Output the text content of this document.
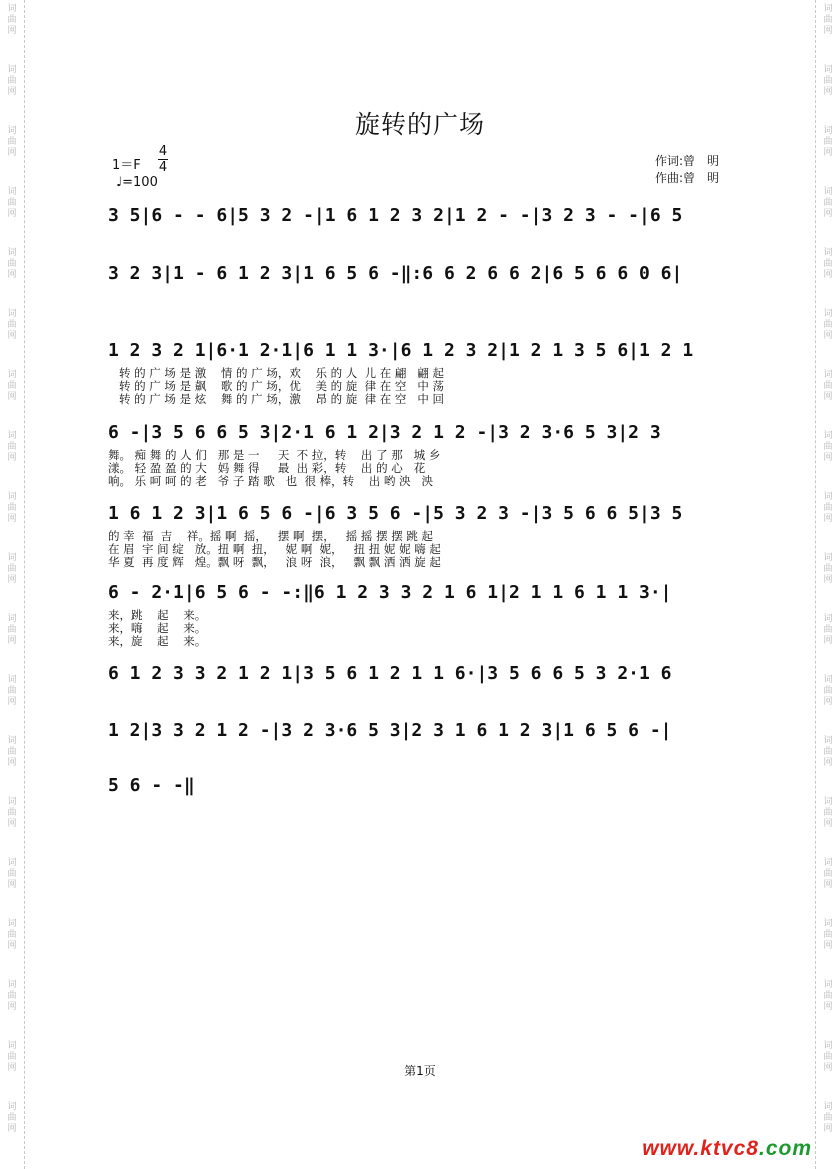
旋转的广场
1＝F
4
4
♩=100
作词:曾　明
作曲:曾　明
3 5|6 - - 6|5 3 2 -|1 6 1 2 3 2|1 2 - -|3 2 3 - -|6 5
3 2 3|1 - 6 1 2 3|1 6 5 6 -‖:6 6 2 6 6 2|6 5 6 6 0 6|
1 2 3 2 1|6·1 2·1|6 1 1 3·|6 1 2 3 2|1 2 1 3 5 6|1 2 1
转 的 广 场 是 激    情 的 广 场，欢    乐 的 人  儿 在 翩   翩 起
转 的 广 场 是 飙    歌 的 广 场，优    美 的 旋  律 在 空   中 荡
转 的 广 场 是 炫    舞 的 广 场，激    昂 的 旋  律 在 空   中 回
6 -|3 5 6 6 5 3|2·1 6 1 2|3 2 1 2 -|3 2 3·6 5 3|2 3
舞。 痴 舞 的 人 们   那 是 一     天  不 拉，转    出 了 那   城 乡
漾。 轻 盈 盈 的 大   妈 舞 得     最  出 彩，转    出 的 心   花
响。 乐 呵 呵 的 老   爷 子 踏 歌   也  很 棒，转    出 哟 泱   泱
1 6 1 2 3|1 6 5 6 -|6 3 5 6 -|5 3 2 3 -|3 5 6 6 5|3 5
的 幸  福  吉    祥。摇 啊  摇，   摆 啊  摆，   摇 摇 摆 摆 跳 起
在 眉  宇 间 绽   放。扭 啊  扭，   妮 啊  妮，   扭 扭 妮 妮 嗨 起
华 夏  再 度 辉   煌。飘 呀  飘，   浪 呀  浪，   飘 飘 洒 洒 旋 起
6 - 2·1|6 5 6 - -:‖6 1 2 3 3 2 1 6 1|2 1 1 6 1 1 3·|
来，跳    起    来。
来，嗨    起    来。
来，旋    起    来。
6 1 2 3 3 2 1 2 1|3 5 6 1 2 1 1 6·|3 5 6 6 5 3 2·1 6
1 2|3 3 2 1 2 -|3 2 3·6 5 3|2 3 1 6 1 2 3|1 6 5 6 -|
5 6 - -‖
第1页
www.ktvc8.com
词
曲
网
词
曲
网
词
曲
网
词
曲
网
词
曲
网
词
曲
网
词
曲
网
词
曲
网
词
曲
网
词
曲
网
词
曲
网
词
曲
网
词
曲
网
词
曲
网
词
曲
网
词
曲
网
词
曲
网
词
曲
网
词
曲
网
词
曲
网
词
曲
网
词
曲
网
词
曲
网
词
曲
网
词
曲
网
词
曲
网
词
曲
网
词
曲
网
词
曲
网
词
曲
网
词
曲
网
词
曲
网
词
曲
网
词
曲
网
词
曲
网
词
曲
网
词
曲
网
词
曲
网
